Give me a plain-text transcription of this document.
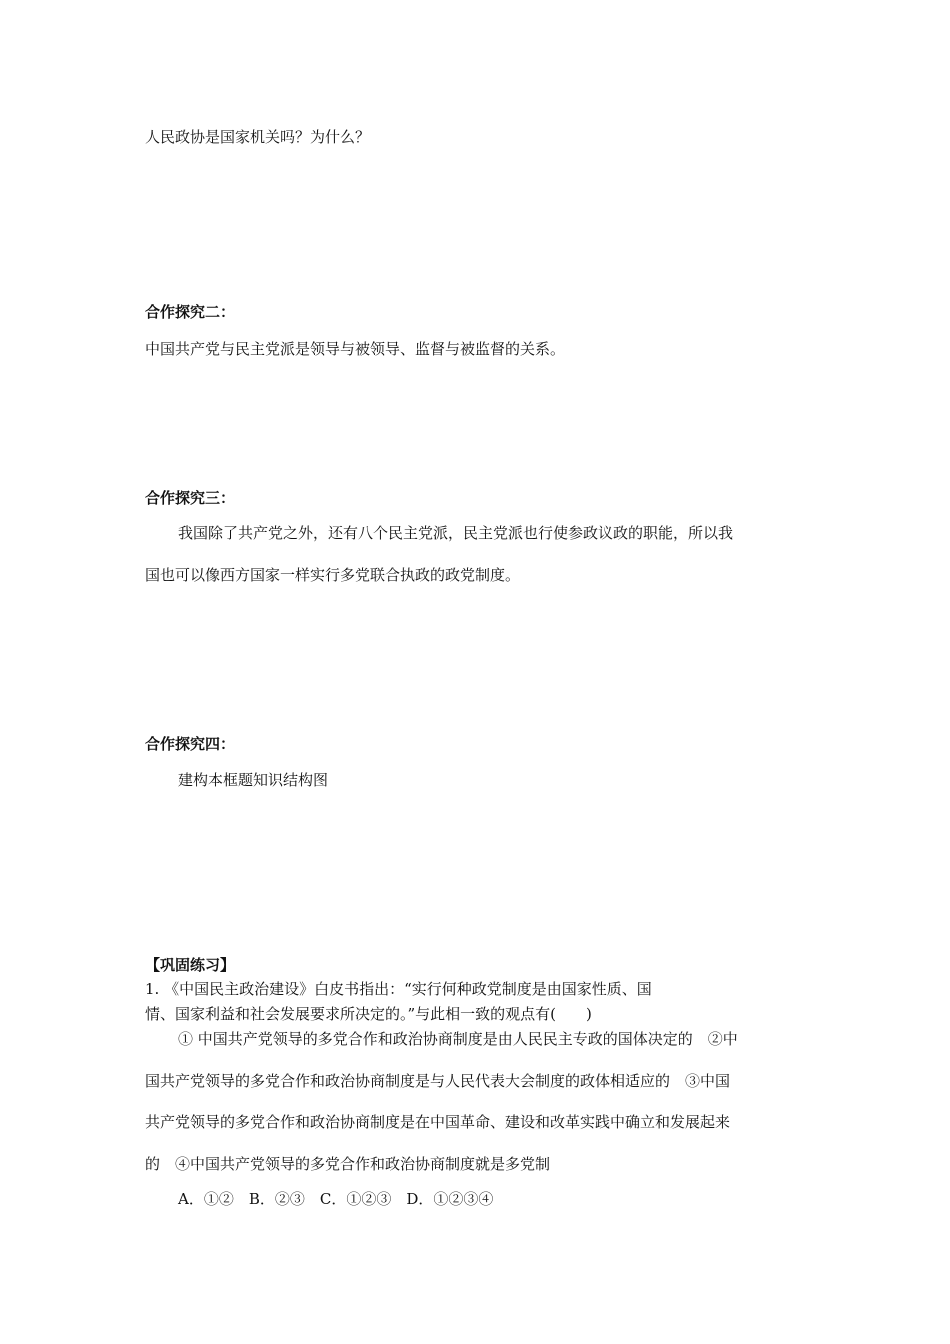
人民政协是国家机关吗？为什么？
合作探究二：
中国共产党与民主党派是领导与被领导、监督与被监督的关系。
合作探究三：
我国除了共产党之外，还有八个民主党派，民主党派也行使参政议政的职能，所以我
国也可以像西方国家一样实行多党联合执政的政党制度。
合作探究四：
建构本框题知识结构图
【巩固练习】
1. 《中国民主政治建设》白皮书指出：“实行何种政党制度是由国家性质、国
情、国家利益和社会发展要求所决定的。”与此相一致的观点有(　　)
① 中国共产党领导的多党合作和政治协商制度是由人民民主专政的国体决定的　②中
国共产党领导的多党合作和政治协商制度是与人民代表大会制度的政体相适应的　③中国
共产党领导的多党合作和政治协商制度是在中国革命、建设和改革实践中确立和发展起来
的　④中国共产党领导的多党合作和政治协商制度就是多党制
A．①②　B．②③　C．①②③　D．①②③④
